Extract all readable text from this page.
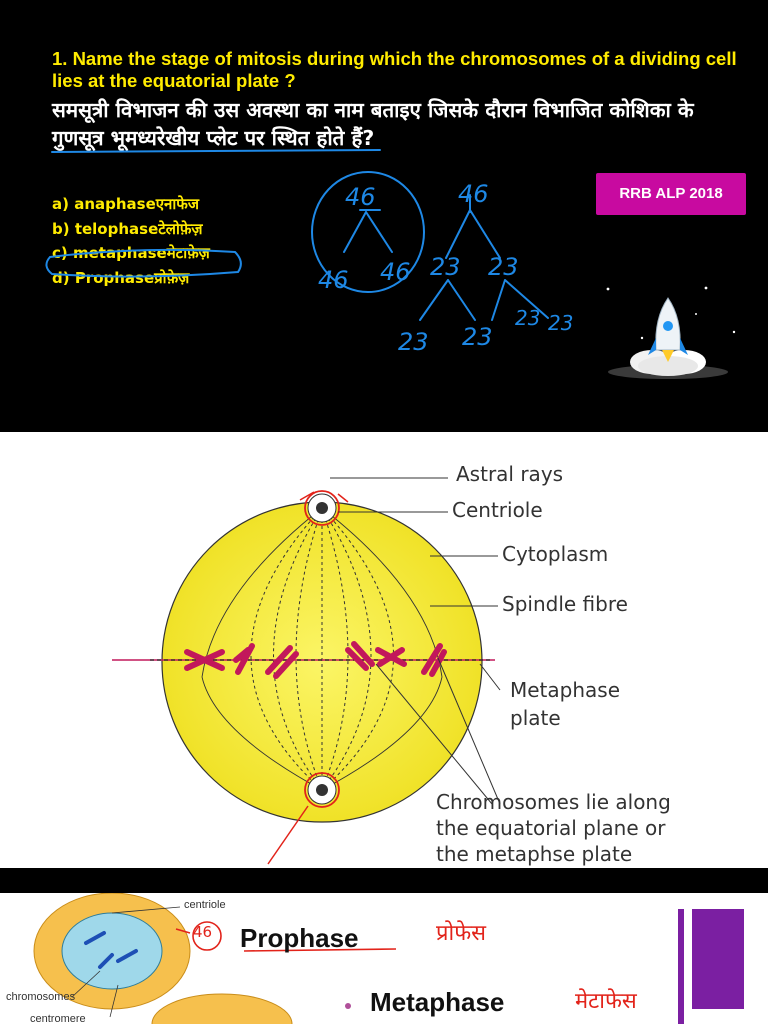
1. Name the stage of mitosis during which the chromosomes of a dividing cell lies at the equatorial plate ?
समसूत्री विभाजन की उस अवस्था का नाम बताइए जिसके दौरान विभाजित कोशिका के गुणसूत्र भूमध्यरेखीय प्लेट पर स्थित होते हैं?
a) anaphaseएनाफेज
b) telophaseटेलोफ़ेज़
c) metaphaseमेटाफ़ेज़
d) Prophaseप्रोफ़ेज़
RRB ALP 2018
46	46
46 46 23 23
23 23
23 23
Astral rays
Centriole
Cytoplasm
Spindle fibre
Metaphase
plate
Chromosomes lie along
the equatorial plane or
the metaphse plate
centriole
chromosomes
centromere
46 Prophase	प्रोफेस
Metaphase	मेटाफेस
